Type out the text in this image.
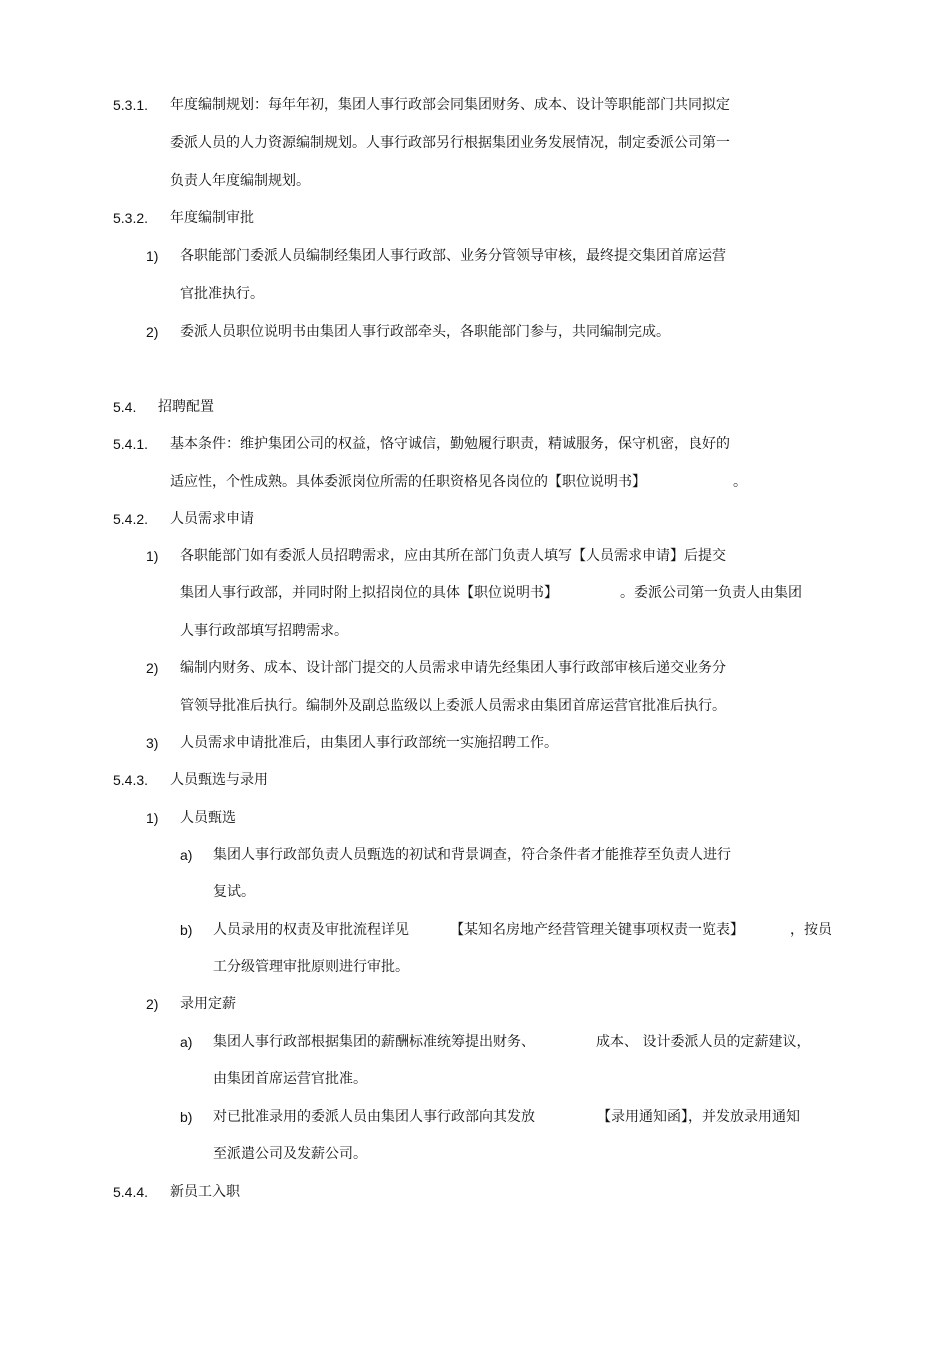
5.3.1. 年度编制规划：每年年初，集团人事行政部会同集团财务、成本、设计等职能部门共同拟定
委派人员的人力资源编制规划。人事行政部另行根据集团业务发展情况，制定委派公司第一
负责人年度编制规划。
5.3.2. 年度编制审批
1) 各职能部门委派人员编制经集团人事行政部、业务分管领导审核，最终提交集团首席运营
官批准执行。
2) 委派人员职位说明书由集团人事行政部牵头，各职能部门参与，共同编制完成。
5.4. 招聘配置
5.4.1. 基本条件：维护集团公司的权益，恪守诚信，勤勉履行职责，精诚服务，保守机密，良好的
适应性，个性成熟。具体委派岗位所需的任职资格见各岗位的【职位说明书】	。
5.4.2. 人员需求申请
1) 各职能部门如有委派人员招聘需求，应由其所在部门负责人填写【人员需求申请】后提交
集团人事行政部，并同时附上拟招岗位的具体【职位说明书】	。委派公司第一负责人由集团
人事行政部填写招聘需求。
2) 编制内财务、成本、设计部门提交的人员需求申请先经集团人事行政部审核后递交业务分
管领导批准后执行。编制外及副总监级以上委派人员需求由集团首席运营官批准后执行。
3) 人员需求申请批准后，由集团人事行政部统一实施招聘工作。
5.4.3. 人员甄选与录用
1) 人员甄选
a) 集团人事行政部负责人员甄选的初试和背景调查，符合条件者才能推荐至负责人进行
复试。
b) 人员录用的权责及审批流程详见	【某知名房地产经营管理关键事项权责一览表】	，按员
工分级管理审批原则进行审批。
2) 录用定薪
a) 集团人事行政部根据集团的薪酬标准统筹提出财务、	成本、 设计委派人员的定薪建议，
由集团首席运营官批准。
b) 对已批准录用的委派人员由集团人事行政部向其发放	【录用通知函】，并发放录用通知
至派遣公司及发薪公司。
5.4.4. 新员工入职
